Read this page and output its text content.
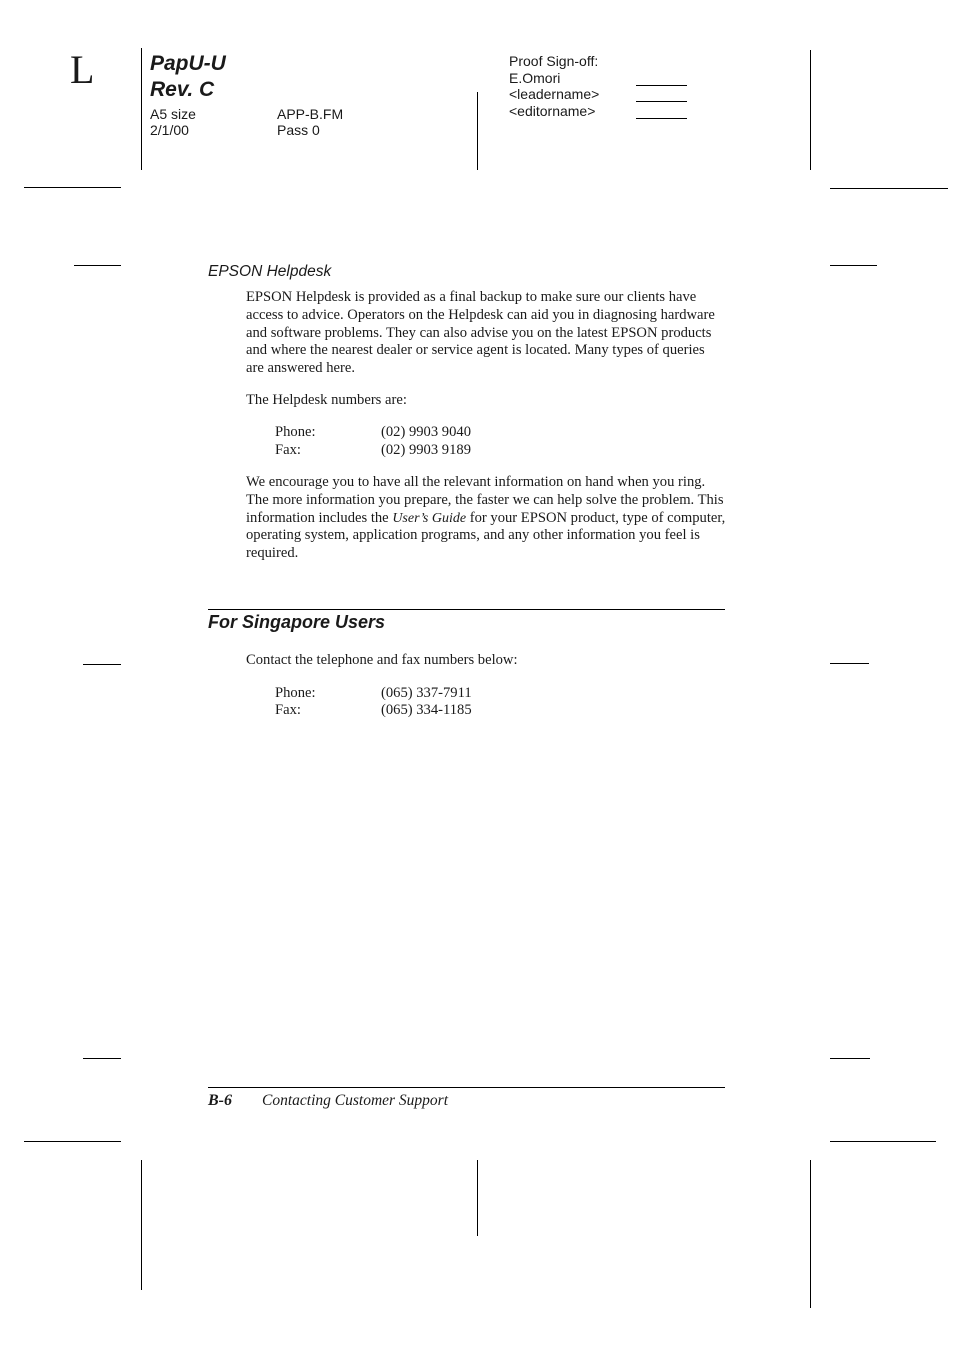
L	PapU-U
Rev. C
A5 size	APP-B.FM
2/1/00	Pass 0
Proof Sign-off:
E.Omori
<leadername>
<editorname>
EPSON Helpdesk

EPSON Helpdesk is provided as a final backup to make sure our clients have access to advice. Operators on the Helpdesk can aid you in diagnosing hardware and software problems. They can also advise you on the latest EPSON products and where the nearest dealer or service agent is located. Many types of queries are answered here.

The Helpdesk numbers are:
Phone:	(02) 9903 9040
Fax:	(02) 9903 9189

We encourage you to have all the relevant information on hand when you ring. The more information you prepare, the faster we can help solve the problem. This information includes the User’s Guide for your EPSON product, type of computer, operating system, application programs, and any other information you feel is required.

For Singapore Users
Contact the telephone and fax numbers below:
Phone:	(065) 337-7911
Fax:	(065) 334-1185
B-6 Contacting Customer Support
